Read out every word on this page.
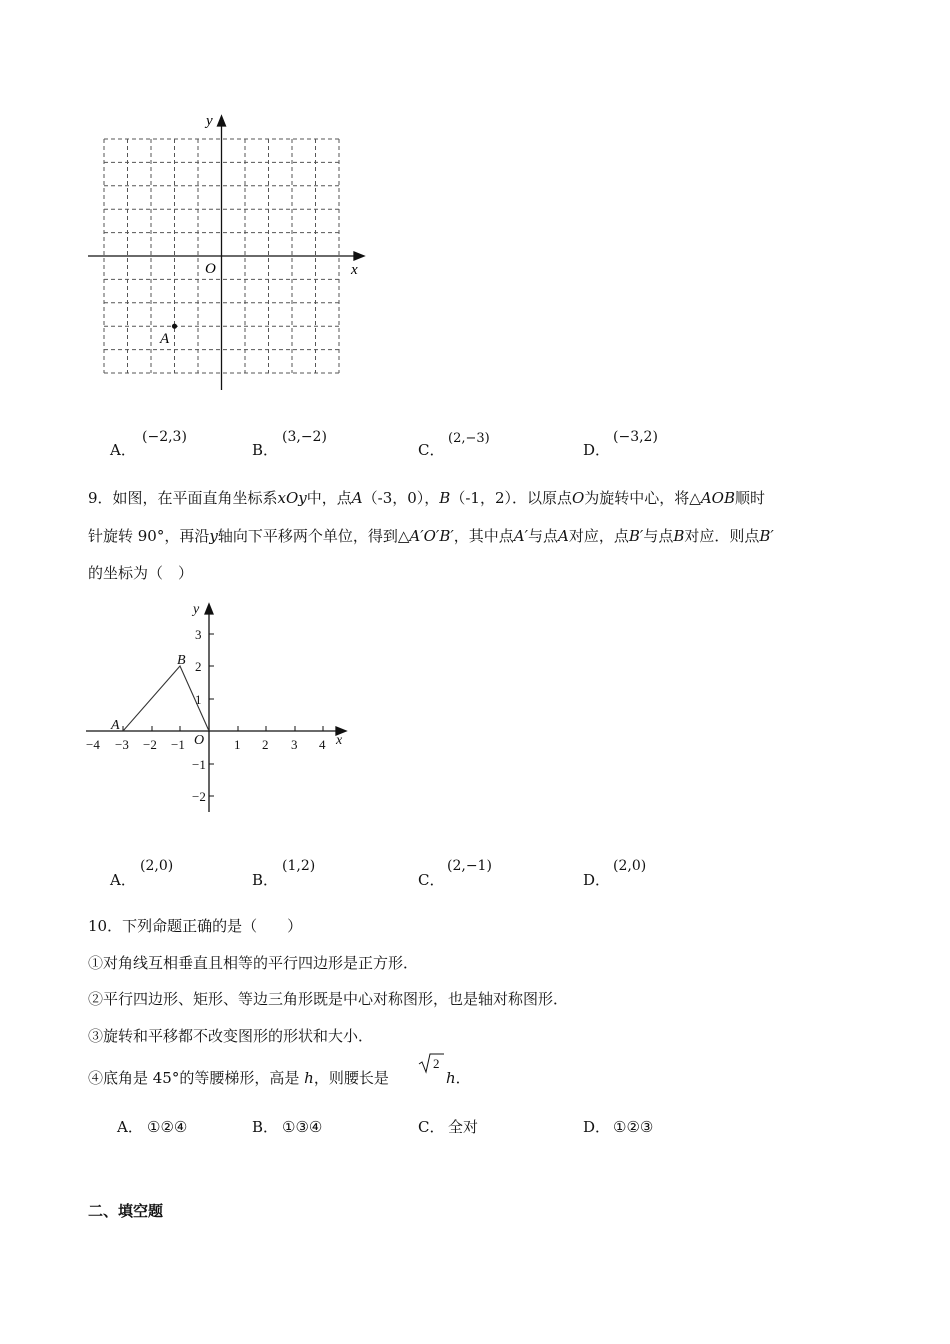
y
x
O
A
A．
(−2,3)
B．
(3,−2)
C．
(2,−3)
D．
(−3,2)
9．如图，在平面直角坐标系xOy中，点A（-3，0），B（-1，2）．以原点O为旋转中心，将△AOB顺时
针旋转 90°，再沿y轴向下平移两个单位，得到△A′O′B′，其中点A′与点A对应，点B′与点B对应．则点B′
的坐标为（　）
−4 −3 −2 −1	1 2 3 4
3
2
1
−1
−2
y
x
O
A
B
A．
(2,0)
B．
(1,2)
C．
(2,−1)
D．
(2,0)
10．下列命题正确的是（　　）
①对角线互相垂直且相等的平行四边形是正方形．
②平行四边形、矩形、等边三角形既是中心对称图形，也是轴对称图形．
③旋转和平移都不改变图形的形状和大小．
④底角是 45°的等腰梯形，高是 h，则腰长是
2
h．
A． ①②④	B． ①③④	C． 全对	D． ①②③
二、填空题
